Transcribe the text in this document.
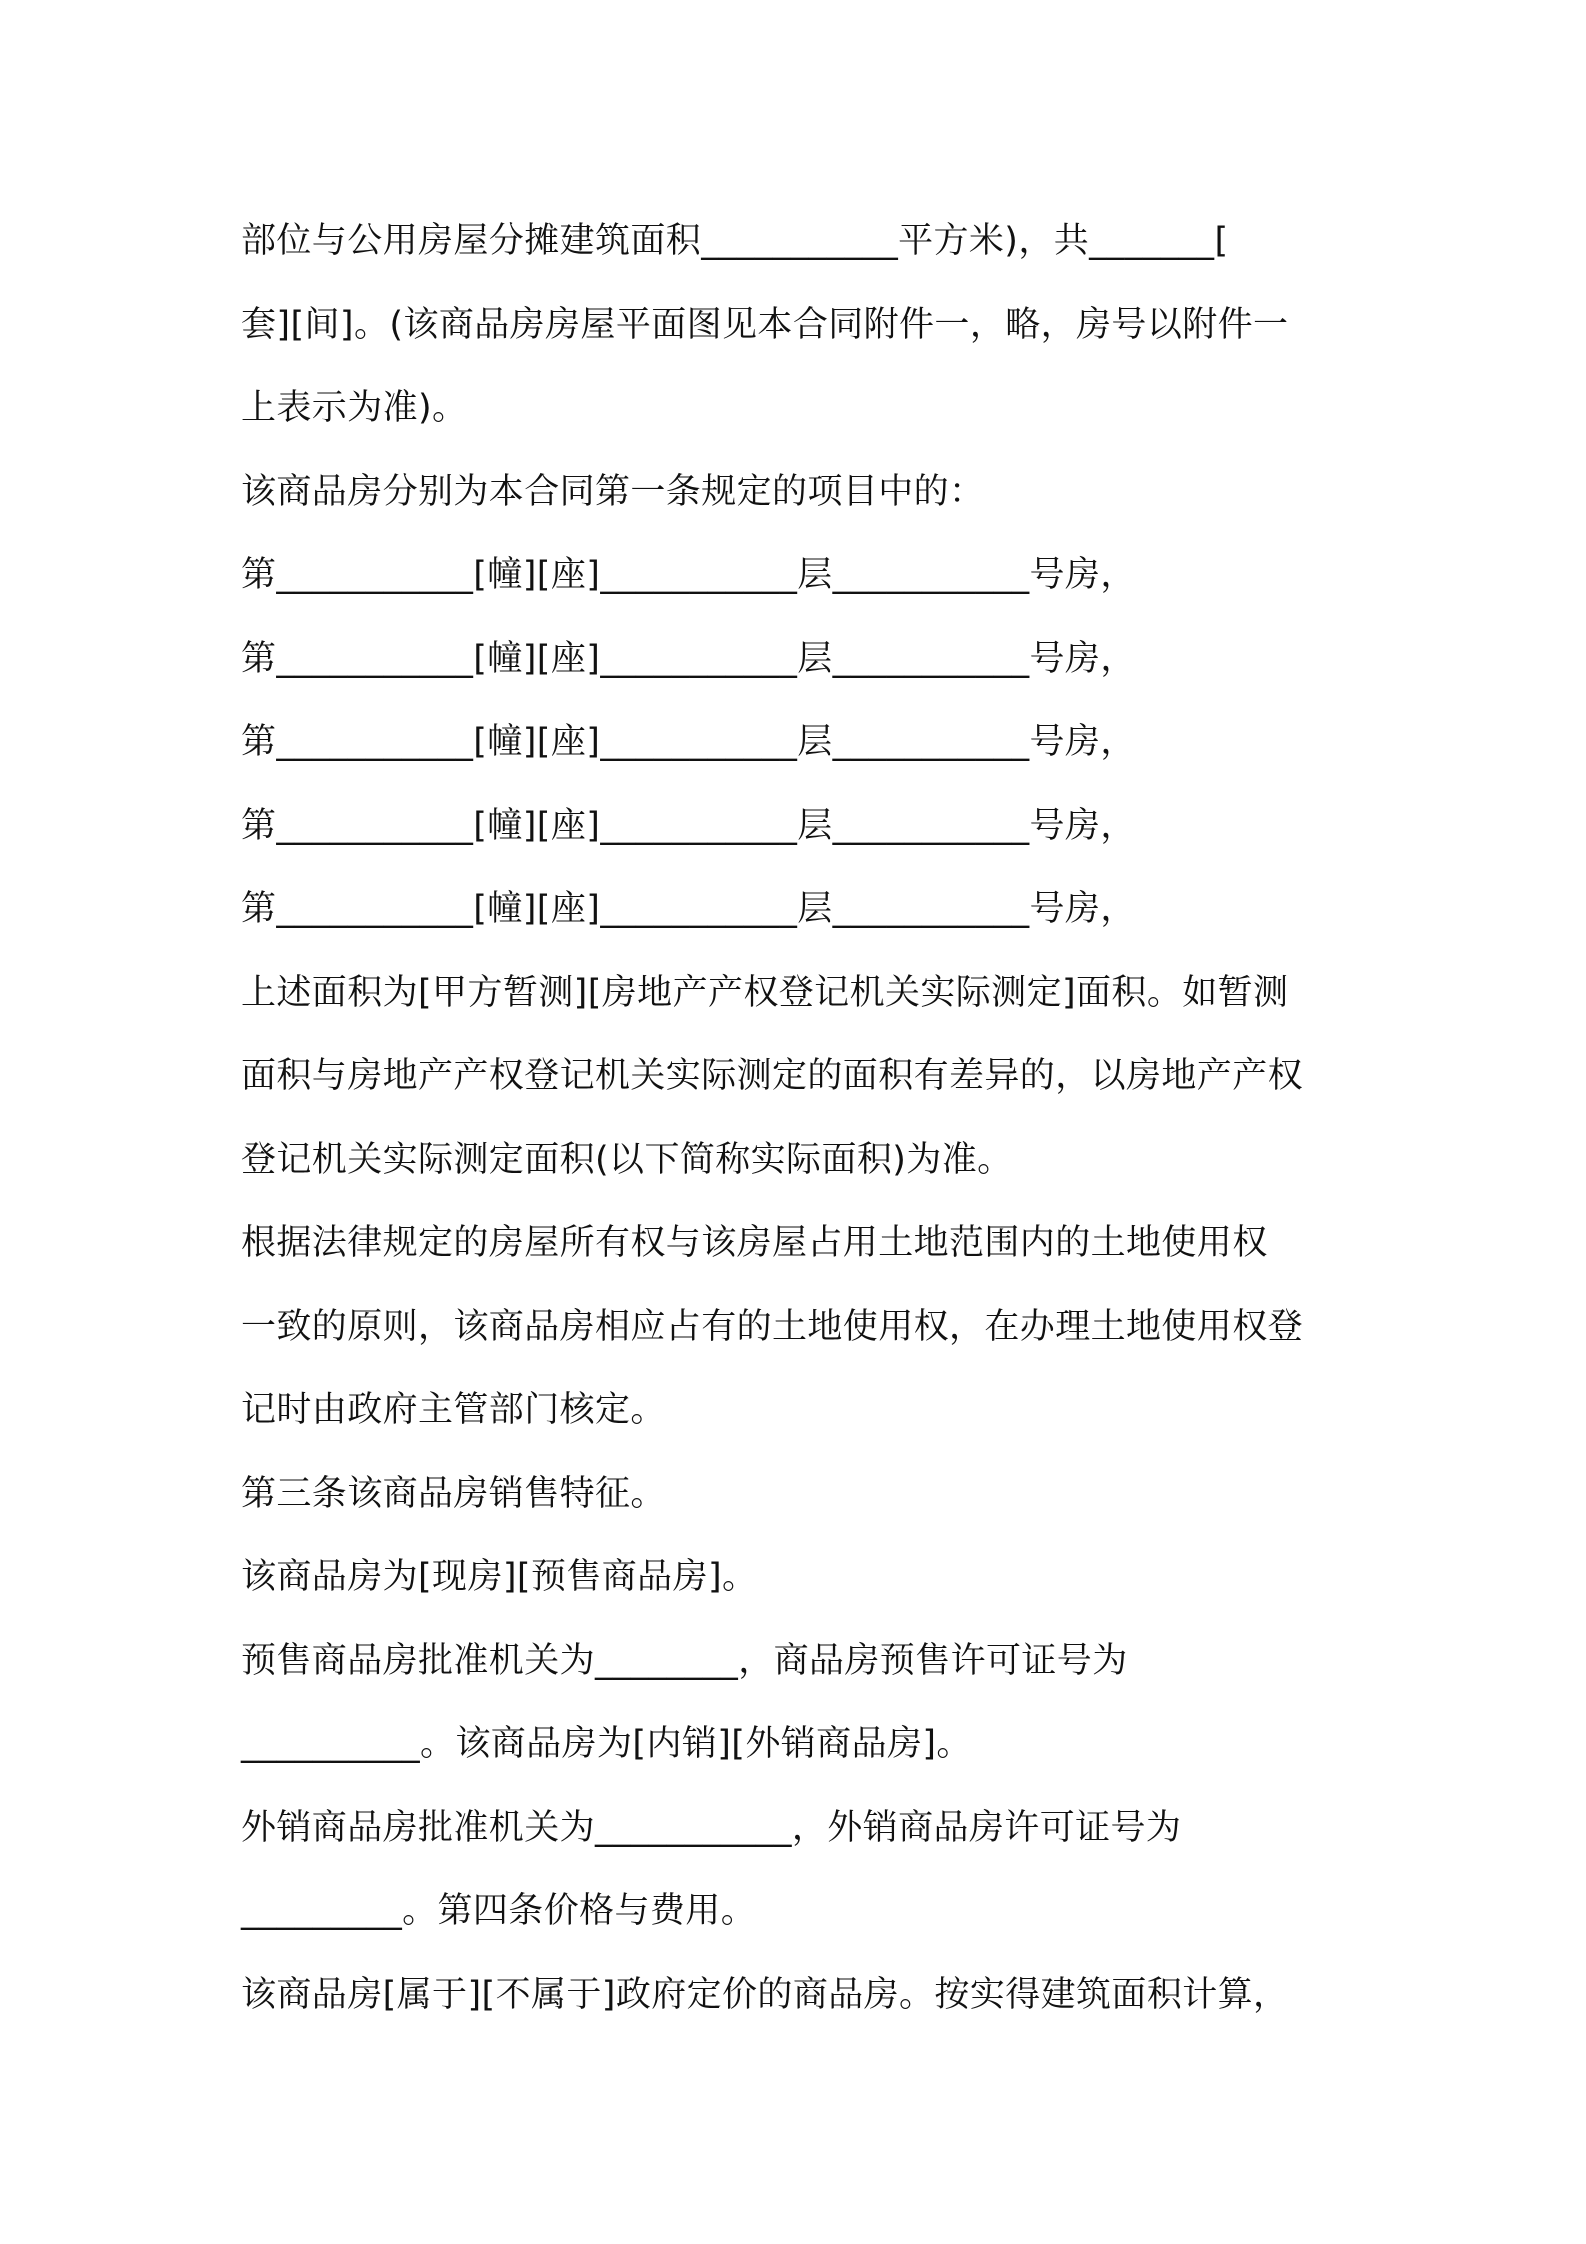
部位与公用房屋分摊建筑面积___________平方米)，共_______[
套][间]。(该商品房房屋平面图见本合同附件一，略，房号以附件一
上表示为准)。
该商品房分别为本合同第一条规定的项目中的：
第___________[幢][座]___________层___________号房，
第___________[幢][座]___________层___________号房，
第___________[幢][座]___________层___________号房，
第___________[幢][座]___________层___________号房，
第___________[幢][座]___________层___________号房，
上述面积为[甲方暂测][房地产产权登记机关实际测定]面积。如暂测
面积与房地产产权登记机关实际测定的面积有差异的，以房地产产权
登记机关实际测定面积(以下简称实际面积)为准。
根据法律规定的房屋所有权与该房屋占用土地范围内的土地使用权
一致的原则，该商品房相应占有的土地使用权，在办理土地使用权登
记时由政府主管部门核定。
第三条该商品房销售特征。
该商品房为[现房][预售商品房]。
预售商品房批准机关为________，商品房预售许可证号为
__________。该商品房为[内销][外销商品房]。
外销商品房批准机关为___________，外销商品房许可证号为
_________。第四条价格与费用。
该商品房[属于][不属于]政府定价的商品房。按实得建筑面积计算，
